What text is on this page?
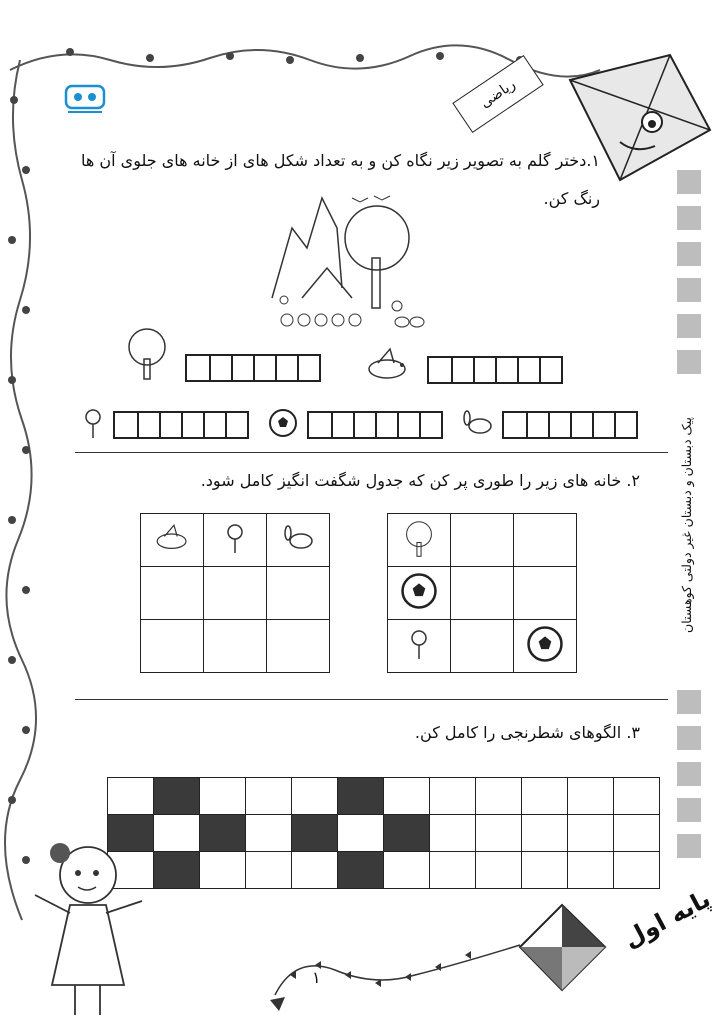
ریاضی
پیک‌ دبستان و دبستان غیر دولتی کوهستان
۱.دختر گلم به تصویر زیر نگاه کن و به تعداد شکل های از خانه های جلوی آن ها رنگ کن.
۲. خانه های زیر را طوری پر کن که جدول شگفت انگیز کامل شود.

۳. الگوهای شطرنجی را کامل کن.

۱
پایه اول
